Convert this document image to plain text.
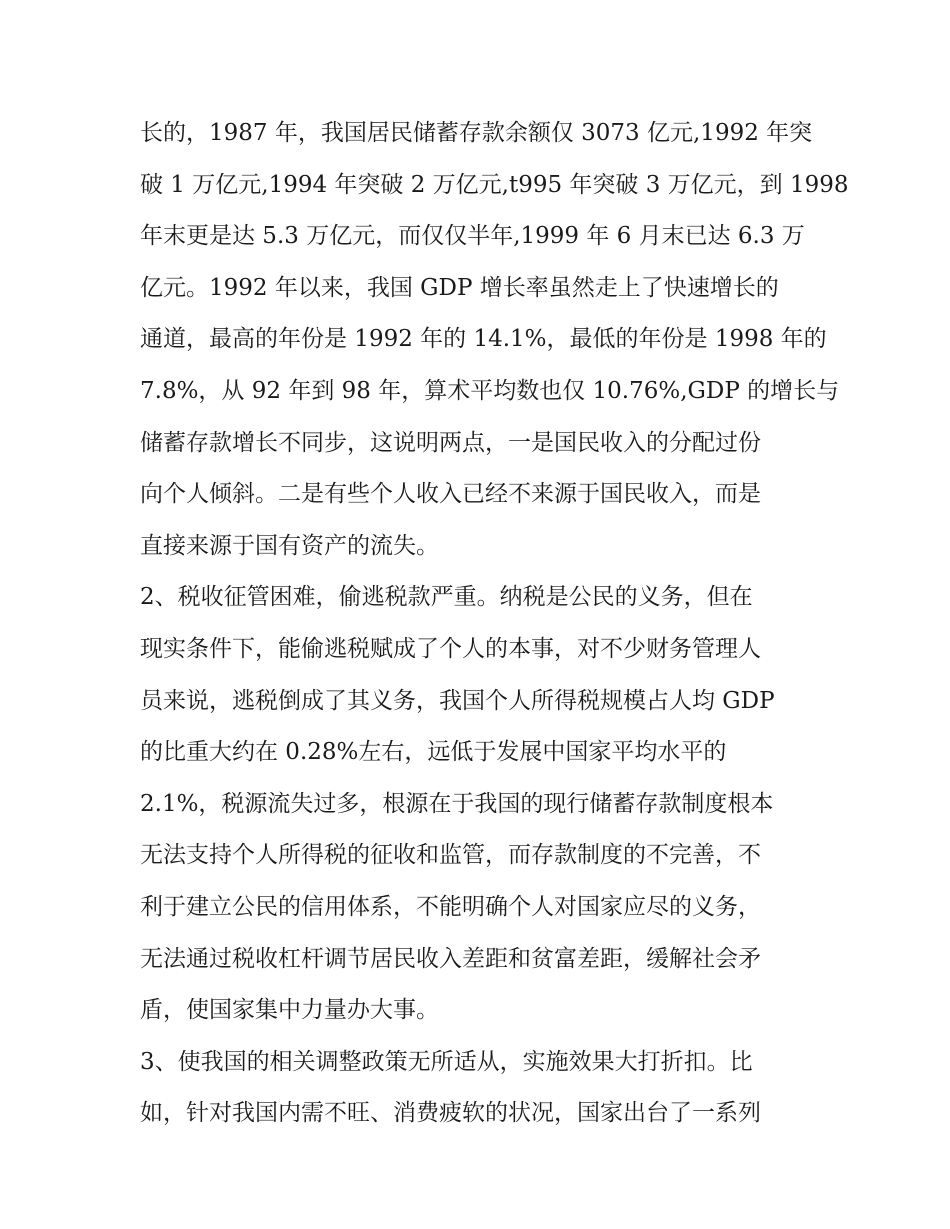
长的，1987 年，我国居民储蓄存款余额仅 3073 亿元,1992 年突
破 1 万亿元,1994 年突破 2 万亿元,t995 年突破 3 万亿元，到 1998
年末更是达 5.3 万亿元，而仅仅半年,1999 年 6 月末已达 6.3 万
亿元。1992 年以来，我国 GDP 增长率虽然走上了快速增长的
通道，最高的年份是 1992 年的 14.1%，最低的年份是 1998 年的
7.8%，从 92 年到 98 年，算术平均数也仅 10.76%,GDP 的增长与
储蓄存款增长不同步，这说明两点，一是国民收入的分配过份
向个人倾斜。二是有些个人收入已经不来源于国民收入，而是
直接来源于国有资产的流失。
2、税收征管困难，偷逃税款严重。纳税是公民的义务，但在
现实条件下，能偷逃税赋成了个人的本事，对不少财务管理人
员来说，逃税倒成了其义务，我国个人所得税规模占人均 GDP
的比重大约在 0.28%左右，远低于发展中国家平均水平的
2.1%，税源流失过多，根源在于我国的现行储蓄存款制度根本
无法支持个人所得税的征收和监管，而存款制度的不完善，不
利于建立公民的信用体系，不能明确个人对国家应尽的义务，
无法通过税收杠杆调节居民收入差距和贫富差距，缓解社会矛
盾，使国家集中力量办大事。
3、使我国的相关调整政策无所适从，实施效果大打折扣。比
如，针对我国内需不旺、消费疲软的状况，国家出台了一系列
